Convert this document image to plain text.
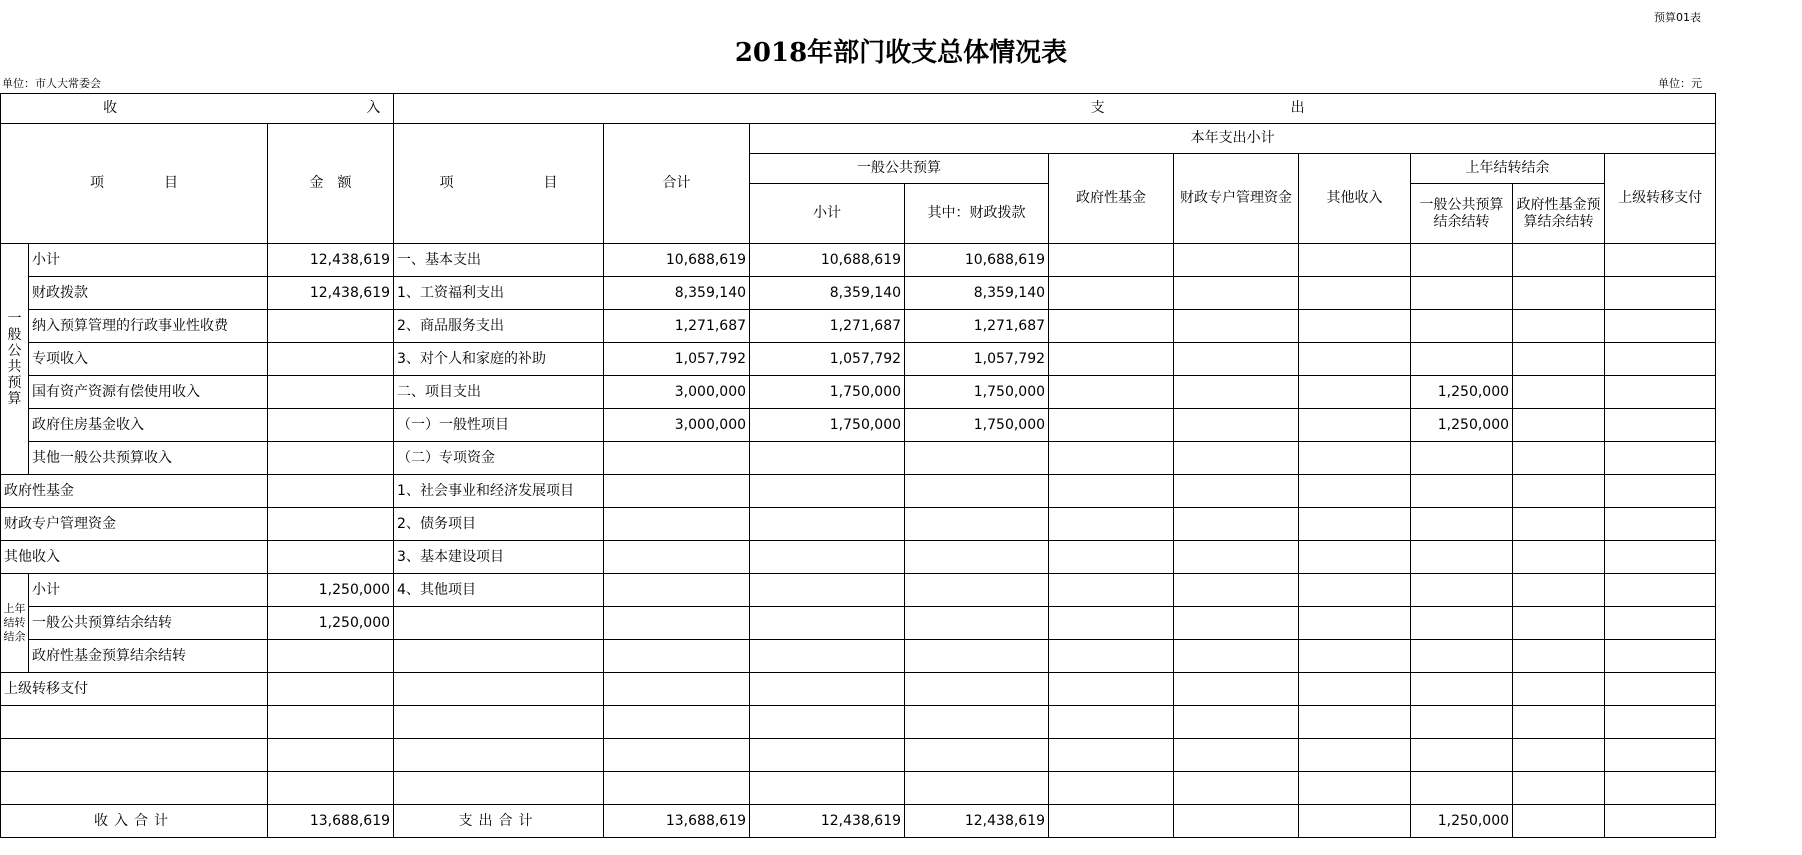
预算01表
2018年部门收支总体情况表
单位：市人大常委会	单位：元
收 入			支 出									
项 目		金　额	项 目	合计	本年支出小计							
					一般公共预算		政府性基金	财政专户管理资金	其他收入	上年结转结余		上级转移支付
					小计	其中：财政拨款				一般公共预算结余结转	政府性基金预算结余结转	
一般公共预算	小计	12,438,619	一、基本支出	10,688,619	10,688,619	10,688,619						
	财政拨款	12,438,619	1、工资福利支出	8,359,140	8,359,140	8,359,140						
	纳入预算管理的行政事业性收费		2、商品服务支出	1,271,687	1,271,687	1,271,687						
	专项收入		3、对个人和家庭的补助	1,057,792	1,057,792	1,057,792						
	国有资产资源有偿使用收入		二、项目支出	3,000,000	1,750,000	1,750,000				1,250,000		
	政府住房基金收入		（一）一般性项目	3,000,000	1,750,000	1,750,000				1,250,000		
	其他一般公共预算收入		（二）专项资金									
政府性基金			1、社会事业和经济发展项目									
财政专户管理资金			2、债务项目									
其他收入			3、基本建设项目									
上年结转结余	小计	1,250,000	4、其他项目									
	一般公共预算结余结转	1,250,000										
	政府性基金预算结余结转											
上级转移支付												

收入合计		13,688,619	支出合计	13,688,619	12,438,619	12,438,619				1,250,000		
